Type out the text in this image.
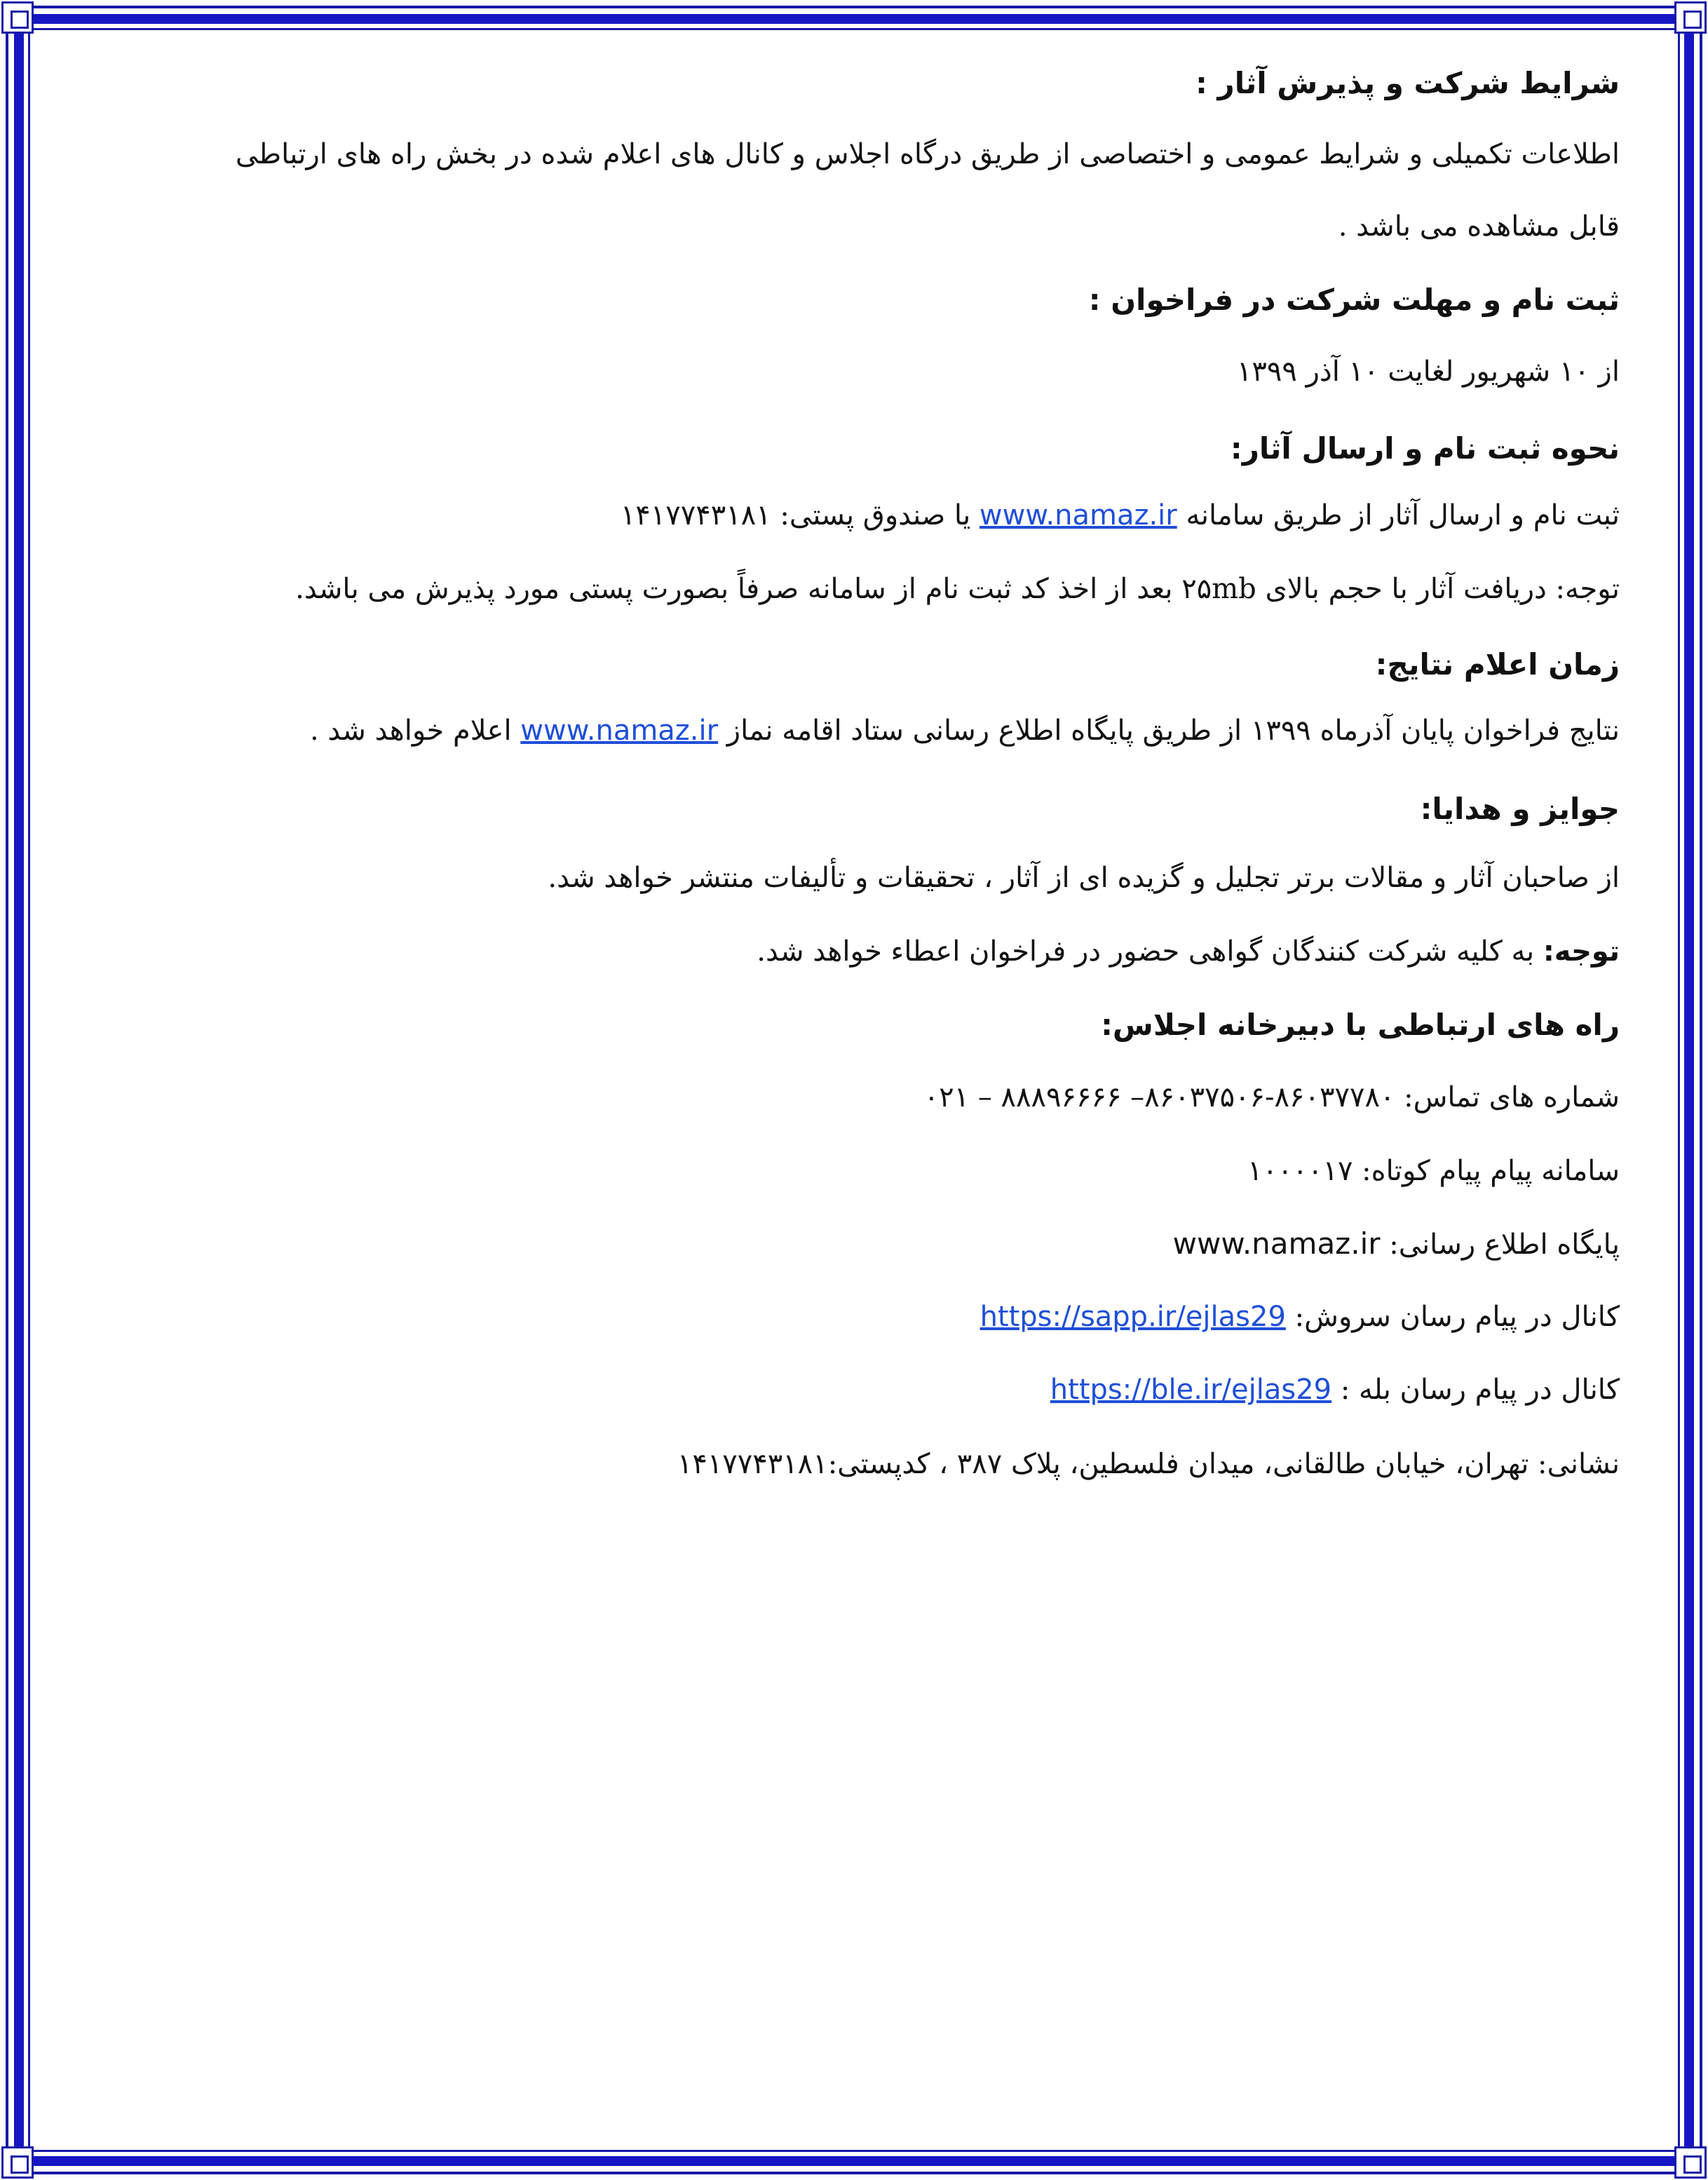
شرایط شرکت و پذیرش آثار :
اطلاعات تکمیلی و شرایط عمومی و اختصاصی از طریق درگاه اجلاس و کانال های اعلام شده در بخش راه های ارتباطی
قابل مشاهده می باشد .
ثبت نام و مهلت شرکت در فراخوان :
از ۱۰ شهریور لغایت ۱۰ آذر ۱۳۹۹
نحوه ثبت نام و ارسال آثار:
ثبت نام و ارسال آثار از طریق سامانه www.namaz.ir یا صندوق پستی: ۱۴۱۷۷۴۳۱۸۱
توجه: دریافت آثار با حجم بالای ۲۵mb بعد از اخذ کد ثبت نام از سامانه صرفاً بصورت پستی مورد پذیرش می باشد.
زمان اعلام نتایج:
نتایج فراخوان پایان آذرماه ۱۳۹۹ از طریق پایگاه اطلاع رسانی ستاد اقامه نماز www.namaz.ir اعلام خواهد شد .
جوایز و هدایا:
از صاحبان آثار و مقالات برتر تجلیل و گزیده ای از آثار ، تحقیقات و تألیفات منتشر خواهد شد.
توجه: به کلیه شرکت کنندگان گواهی حضور در فراخوان اعطاء خواهد شد.
راه های ارتباطی با دبیرخانه اجلاس:
شماره های تماس: ۸۶۰۳۷۷۸۰-۸۶۰۳۷۵۰۶– ۸۸۸۹۶۶۶۶ – ۰۲۱
سامانه پیام پیام کوتاه: ۱۰۰۰۰۱۷
پایگاه اطلاع رسانی: www.namaz.ir
کانال در پیام رسان سروش: https://sapp.ir/ejlas29
کانال در پیام رسان بله : https://ble.ir/ejlas29
نشانی: تهران، خیابان طالقانی، میدان فلسطین، پلاک ۳۸۷ ، کدپستی:۱۴۱۷۷۴۳۱۸۱
